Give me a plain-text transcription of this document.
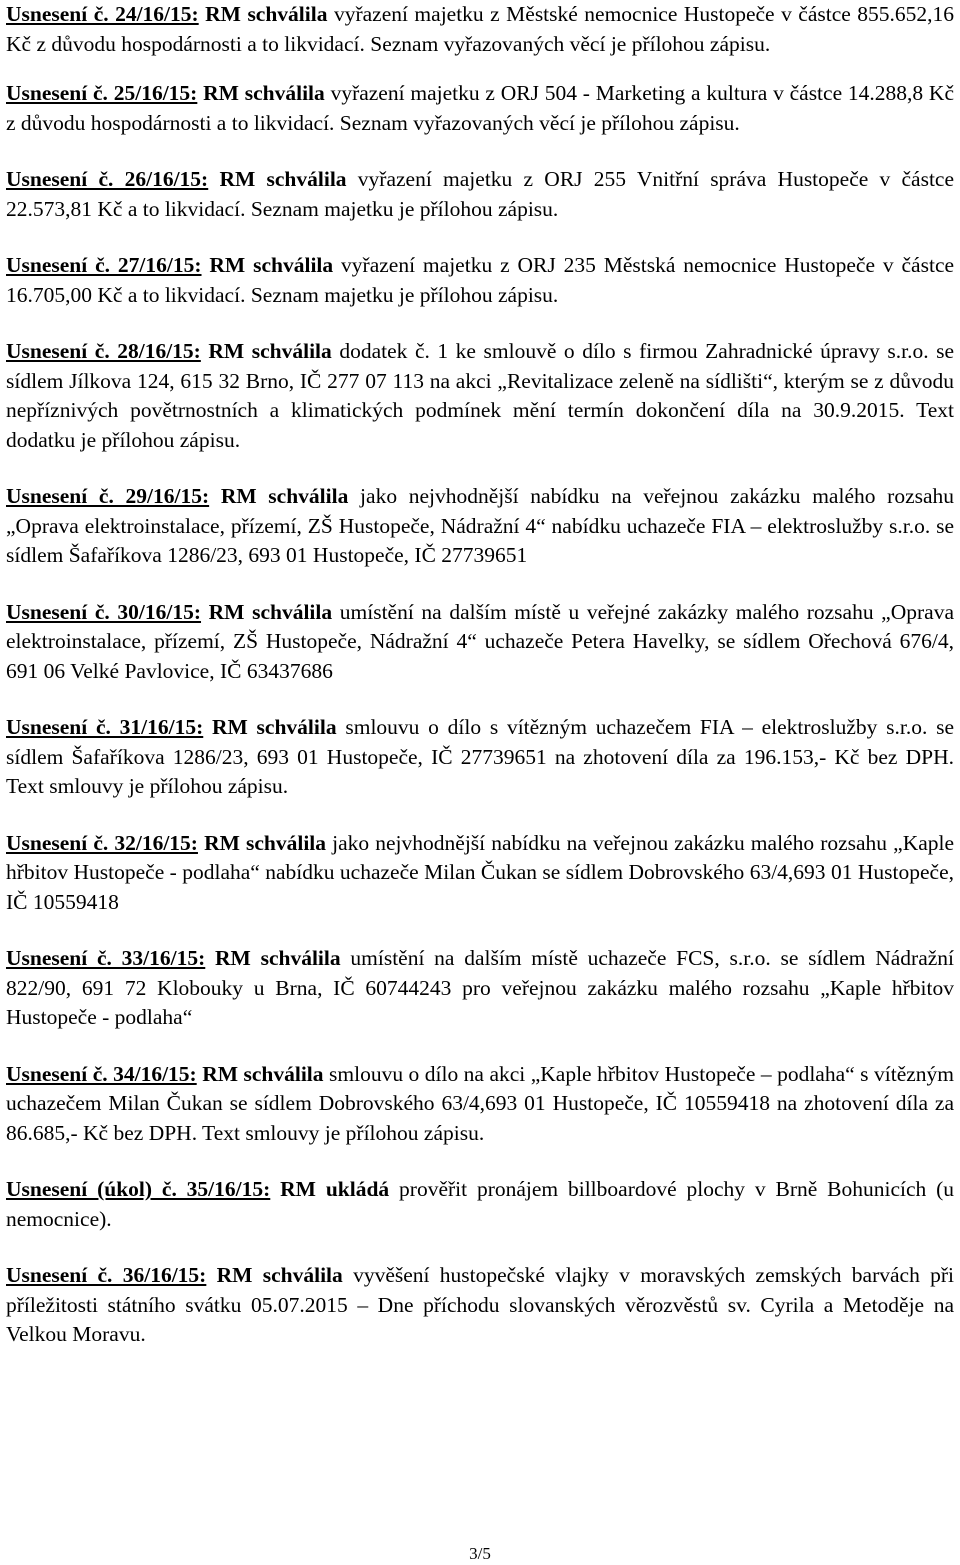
Usnesení č. 24/16/15: RM schválila vyřazení majetku z Městské nemocnice Hustopeče v částce 855.652,16 Kč z důvodu hospodárnosti a to likvidací. Seznam vyřazovaných věcí je přílohou zápisu.

Usnesení č. 25/16/15: RM schválila vyřazení majetku z ORJ 504 - Marketing a kultura v částce 14.288,8 Kč z důvodu hospodárnosti a to likvidací. Seznam vyřazovaných věcí je přílohou zápisu.

Usnesení č. 26/16/15: RM schválila vyřazení majetku z ORJ 255 Vnitřní správa Hustopeče v částce 22.573,81 Kč a to likvidací. Seznam majetku je přílohou zápisu.

Usnesení č. 27/16/15: RM schválila vyřazení majetku z ORJ 235 Městská nemocnice Hustopeče v částce 16.705,00 Kč a to likvidací. Seznam majetku je přílohou zápisu.

Usnesení č. 28/16/15: RM schválila dodatek č. 1 ke smlouvě o dílo s firmou Zahradnické úpravy s.r.o. se sídlem Jílkova 124, 615 32 Brno, IČ 277 07 113 na akci „Revitalizace zeleně na sídlišti“, kterým se z důvodu nepříznivých povětrnostních a klimatických podmínek mění termín dokončení díla na 30.9.2015. Text dodatku je přílohou zápisu.

Usnesení č. 29/16/15: RM schválila jako nejvhodnější nabídku na veřejnou zakázku malého rozsahu „Oprava elektroinstalace, přízemí, ZŠ Hustopeče, Nádražní 4“ nabídku uchazeče FIA – elektroslužby s.r.o. se sídlem Šafaříkova 1286/23, 693 01 Hustopeče, IČ 27739651

Usnesení č. 30/16/15: RM schválila umístění na dalším místě u veřejné zakázky malého rozsahu „Oprava elektroinstalace, přízemí, ZŠ Hustopeče, Nádražní 4“ uchazeče Petera Havelky, se sídlem Ořechová 676/4, 691 06 Velké Pavlovice, IČ 63437686

Usnesení č. 31/16/15: RM schválila smlouvu o dílo s vítězným uchazečem FIA – elektroslužby s.r.o. se sídlem Šafaříkova 1286/23, 693 01 Hustopeče, IČ 27739651 na zhotovení díla za 196.153,- Kč bez DPH. Text smlouvy je přílohou zápisu.

Usnesení č. 32/16/15: RM schválila jako nejvhodnější nabídku na veřejnou zakázku malého rozsahu „Kaple hřbitov Hustopeče - podlaha“ nabídku uchazeče Milan Čukan se sídlem Dobrovského 63/4,693 01 Hustopeče, IČ 10559418

Usnesení č. 33/16/15: RM schválila umístění na dalším místě uchazeče FCS, s.r.o. se sídlem Nádražní 822/90, 691 72 Klobouky u Brna, IČ 60744243 pro veřejnou zakázku malého rozsahu „Kaple hřbitov Hustopeče - podlaha“

Usnesení č. 34/16/15: RM schválila smlouvu o dílo na akci „Kaple hřbitov Hustopeče – podlaha“ s vítězným uchazečem Milan Čukan se sídlem Dobrovského 63/4,693 01 Hustopeče, IČ 10559418 na zhotovení díla za 86.685,- Kč bez DPH. Text smlouvy je přílohou zápisu.

Usnesení (úkol) č. 35/16/15: RM ukládá prověřit pronájem billboardové plochy v Brně Bohunicích (u nemocnice).

Usnesení č. 36/16/15: RM schválila vyvěšení hustopečské vlajky v moravských zemských barvách při příležitosti státního svátku 05.07.2015 – Dne příchodu slovanských věrozvěstů sv. Cyrila a Metoděje na Velkou Moravu.

3/5
